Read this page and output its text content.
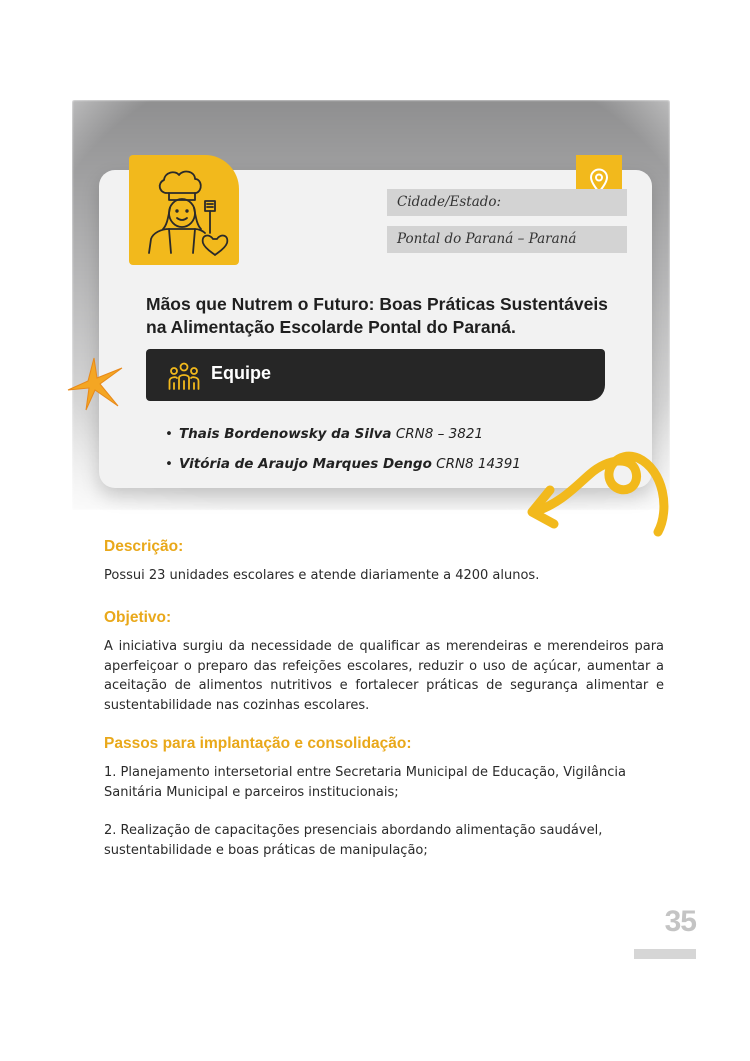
Cidade/Estado:
Pontal do Paraná – Paraná
Mãos que Nutrem o Futuro: Boas Práticas Sustentáveis
na Alimentação Escolarde Pontal do Paraná.
Equipe
• Thais Bordenowsky da Silva CRN8 – 3821
• Vitória de Araujo Marques Dengo CRN8 14391
Descrição:
Possui 23 unidades escolares e atende diariamente a 4200 alunos.
Objetivo:
A iniciativa surgiu da necessidade de qualificar as merendeiras e merendeiros para aperfeiçoar o preparo das refeições escolares, reduzir o uso de açúcar, aumentar a aceitação de alimentos nutritivos e fortalecer práticas de segurança alimentar e sustentabilidade nas cozinhas escolares.
Passos para implantação e consolidação:
1. Planejamento intersetorial entre Secretaria Municipal de Educação, Vigilância Sanitária Municipal e parceiros institucionais;
2. Realização de capacitações presenciais abordando alimentação saudável, sustentabilidade e boas práticas de manipulação;
35
